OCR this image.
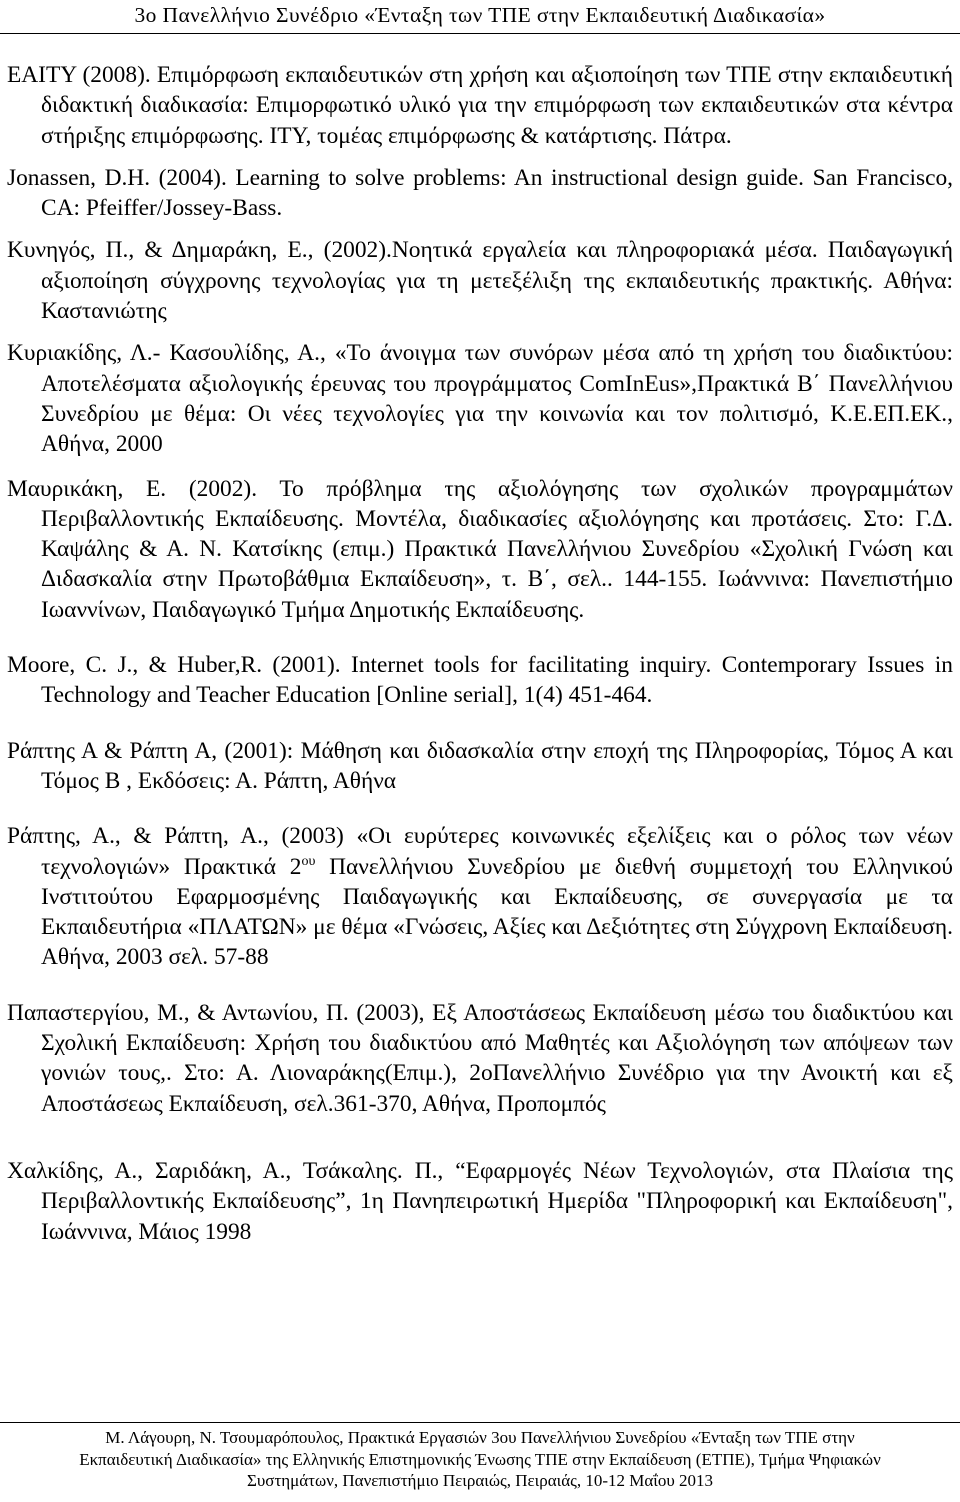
3ο Πανελλήνιο Συνέδριο «Ένταξη των ΤΠΕ στην Εκπαιδευτική Διαδικασία»

ΕΑΙΤΥ (2008). Επιμόρφωση εκπαιδευτικών στη χρήση και αξιοποίηση των ΤΠΕ στην εκπαιδευτική διδακτική διαδικασία: Επιμορφωτικό υλικό για την επιμόρφωση των εκπαιδευτικών στα κέντρα στήριξης επιμόρφωσης. ΙΤΥ, τομέας επιμόρφωσης & κατάρτισης. Πάτρα.

Jonassen, D.H. (2004). Learning to solve problems: An instructional design guide. San Francisco, CA: Pfeiffer/Jossey-Bass.

Κυνηγός, Π., & Δημαράκη, Ε., (2002).Νοητικά εργαλεία και πληροφοριακά μέσα. Παιδαγωγική αξιοποίηση σύγχρονης τεχνολογίας για τη μετεξέλιξη της εκπαιδευτικής πρακτικής. Αθήνα: Καστανιώτης

Κυριακίδης, Λ.- Κασουλίδης, Α., «Το άνοιγμα των συνόρων μέσα από τη χρήση του διαδικτύου: Αποτελέσματα αξιολογικής έρευνας του προγράμματος ComInEus»,Πρακτικά Β΄ Πανελλήνιου Συνεδρίου με θέμα: Οι νέες τεχνολογίες για την κοινωνία και τον πολιτισμό, Κ.Ε.ΕΠ.ΕΚ., Αθήνα, 2000

Μαυρικάκη, Ε. (2002). Το πρόβλημα της αξιολόγησης των σχολικών προγραμμάτων Περιβαλλοντικής Εκπαίδευσης. Μοντέλα, διαδικασίες αξιολόγησης και προτάσεις. Στο: Γ.Δ. Καψάλης & Α. Ν. Κατσίκης (επιμ.) Πρακτικά Πανελλήνιου Συνεδρίου «Σχολική Γνώση και Διδασκαλία στην Πρωτοβάθμια Εκπαίδευση», τ. Β΄, σελ.. 144-155. Ιωάννινα: Πανεπιστήμιο Ιωαννίνων, Παιδαγωγικό Τμήμα Δημοτικής Εκπαίδευσης.

Moore, C. J., & Huber,R. (2001). Internet tools for facilitating inquiry. Contemporary Issues in Technology and Teacher Education [Online serial], 1(4) 451-464.

Ράπτης Α & Ράπτη Α, (2001): Μάθηση και διδασκαλία στην εποχή της Πληροφορίας, Τόμος Α και Τόμος Β , Εκδόσεις: Α. Ράπτη, Αθήνα

Ράπτης, Α., & Ράπτη, Α., (2003) «Οι ευρύτερες κοινωνικές εξελίξεις και ο ρόλος των νέων τεχνολογιών» Πρακτικά $2^{o\upsilon}$ Πανελλήνιου Συνεδρίου με διεθνή συμμετοχή του Ελληνικού Ινστιτούτου Εφαρμοσμένης Παιδαγωγικής και Εκπαίδευσης, σε συνεργασία με τα Εκπαιδευτήρια «ΠΛΑΤΩΝ» με θέμα «Γνώσεις, Αξίες και Δεξιότητες στη Σύγχρονη Εκπαίδευση. Αθήνα, 2003 σελ. 57-88

Παπαστεργίου, Μ., & Αντωνίου, Π. (2003), Εξ Αποστάσεως Εκπαίδευση μέσω του διαδικτύου και Σχολική Εκπαίδευση: Χρήση του διαδικτύου από Μαθητές και Αξιολόγηση των απόψεων των γονιών τους,. Στο: Α. Λιοναράκης(Επιμ.), 2oΠανελλήνιο Συνέδριο για την Ανοικτή και εξ Αποστάσεως Εκπαίδευση, σελ.361-370, Αθήνα, Προπομπός

Χαλκίδης, Α., Σαριδάκη, Α., Τσάκαλης. Π., “Εφαρμογές Νέων Τεχνολογιών, στα Πλαίσια της Περιβαλλοντικής Εκπαίδευσης”, 1η Πανηπειρωτική Ημερίδα "Πληροφορική και Εκπαίδευση", Ιωάννινα, Μάιος 1998

Μ. Λάγουρη, Ν. Τσουμαρόπουλος, Πρακτικά Εργασιών 3ου Πανελλήνιου Συνεδρίου «Ένταξη των ΤΠΕ στην
Εκπαιδευτική Διαδικασία» της Ελληνικής Επιστημονικής Ένωσης ΤΠΕ στην Εκπαίδευση (ΕΤΠΕ), Τμήμα Ψηφιακών
Συστημάτων, Πανεπιστήμιο Πειραιώς, Πειραιάς, 10-12 Μαΐου 2013
